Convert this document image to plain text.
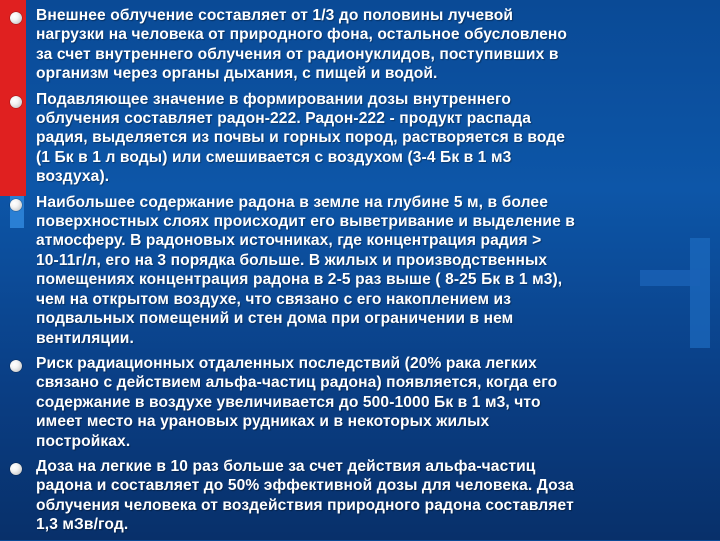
Внешнее облучение составляет от 1/3 до половины лучевой
нагрузки на человека от природного фона, остальное обусловлено
за счет внутреннего облучения от радионуклидов, поступивших в
организм через органы дыхания, с пищей и водой.
Подавляющее значение в формировании дозы внутреннего
облучения составляет радон-222. Радон-222 - продукт распада
радия, выделяется из почвы и горных пород, растворяется в воде
(1 Бк в 1 л воды) или смешивается с воздухом (3-4 Бк в 1 м3
воздуха).
Наибольшее содержание радона в земле на глубине 5 м, в более
поверхностных слоях происходит его выветривание и выделение в
атмосферу. В радоновых источниках, где концентрация радия >
10-11г/л, его на 3 порядка больше. В жилых и производственных
помещениях концентрация радона в 2-5 раз выше ( 8-25 Бк в 1 м3),
чем на открытом воздухе, что связано с его накоплением из
подвальных помещений и стен дома при ограничении в нем
вентиляции.
Риск радиационных отдаленных последствий (20% рака легких
связано с действием альфа-частиц радона) появляется, когда его
содержание в воздухе увеличивается до 500-1000 Бк в 1 м3, что
имеет место на урановых рудниках и в некоторых жилых
постройках.
Доза на легкие в 10 раз больше за счет действия альфа-частиц
радона и составляет до 50% эффективной дозы для человека. Доза
облучения человека от воздействия природного радона составляет
1,3 мЗв/год.
